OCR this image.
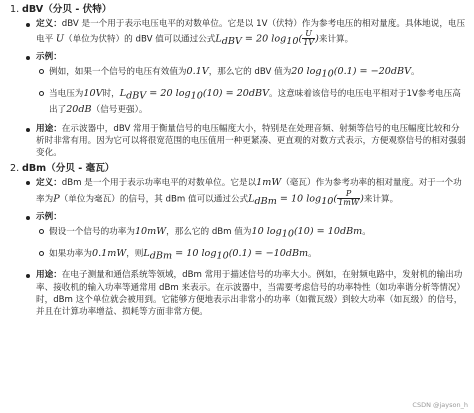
1. dBV（分贝 - 伏特）
定义：dBV 是一个用于表示电压电平的对数单位。它是以 1V（伏特）作为参考电压的相对量度。具体地说，电压电平 U（单位为伏特）的 dBV 值可以通过公式$L_{dBV} = 20$ $\log_{10}( \frac{U}{1V}$ )来计算。
示例：
例如，如果一个信号的电压有效值为0.1V，那么它的 dBV 值为20 $\log_{10}(0.1) = -20dBV$。
当电压为10V时，$L_{dBV} = 20$ $\log_{10}(10) = 20dBV$。这意味着该信号的电压电平相对于1V参考电压高出了20dB（信号更强）。
用途：在示波器中，dBV 常用于衡量信号的电压幅度大小，特别是在处理音频、射频等信号的电压幅度比较和分析时非常有用。因为它可以将很宽范围的电压值用一种更紧凑、更直观的对数方式表示，方便观察信号的相对强弱变化。
2. dBm（分贝 - 毫瓦）
定义：dBm 是一个用于表示功率电平的对数单位。它是以1mW（毫瓦）作为参考功率的相对量度。对于一个功率为P（单位为毫瓦）的信号，其 dBm 值可以通过公式$L_{dBm} = 10$ $\log_{10}( \frac{P}{1mW}$ )来计算。
示例：
假设一个信号的功率为10mW，那么它的 dBm 值为10 $\log_{10}(10) = 10dBm$。
如果功率为0.1mW，则$L_{dBm} = 10$ $\log_{10}(0.1) = -10dBm$。
用途：在电子测量和通信系统等领域，dBm 常用于描述信号的功率大小。例如，在射频电路中，发射机的输出功率、接收机的输入功率等通常用 dBm 来表示。在示波器中，当需要考虑信号的功率特性（如功率谐分析等情况）时，dBm 这个单位就会被用到。它能够方便地表示出非常小的功率（如微瓦级）到较大功率（如瓦级）的信号，并且在计算功率增益、损耗等方面非常方便。
CSDN @jayson_h
